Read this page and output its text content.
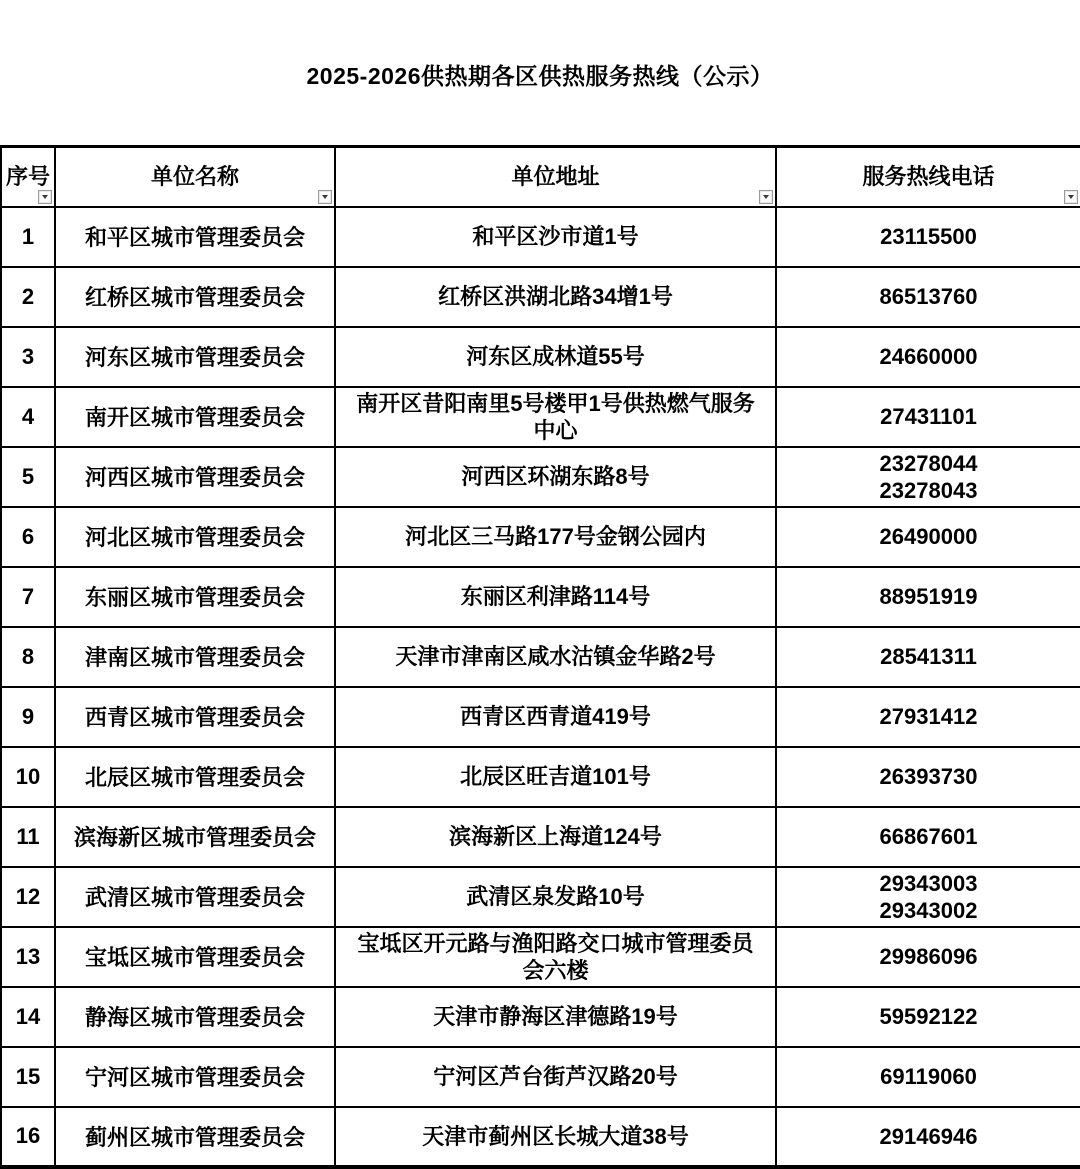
2025-2026供热期各区供热服务热线（公示）
序号	单位名称	单位地址	服务热线电话

1	和平区城市管理委员会	和平区沙市道1号	23115500

2	红桥区城市管理委员会	红桥区洪湖北路34增1号	86513760

3	河东区城市管理委员会	河东区成林道55号	24660000

4	南开区城市管理委员会	南开区昔阳南里5号楼甲1号供热燃气服务中心	27431101

5	河西区城市管理委员会	河西区环湖东路8号	23278044
23278043

6	河北区城市管理委员会	河北区三马路177号金钢公园内	26490000

7	东丽区城市管理委员会	东丽区利津路114号	88951919

8	津南区城市管理委员会	天津市津南区咸水沽镇金华路2号	28541311

9	西青区城市管理委员会	西青区西青道419号	27931412

10	北辰区城市管理委员会	北辰区旺吉道101号	26393730

11	滨海新区城市管理委员会	滨海新区上海道124号	66867601

12	武清区城市管理委员会	武清区泉发路10号	29343003
29343002

13	宝坻区城市管理委员会	宝坻区开元路与渔阳路交口城市管理委员会六楼	29986096

14	静海区城市管理委员会	天津市静海区津德路19号	59592122

15	宁河区城市管理委员会	宁河区芦台街芦汉路20号	69119060

16	蓟州区城市管理委员会	天津市蓟州区长城大道38号	29146946
